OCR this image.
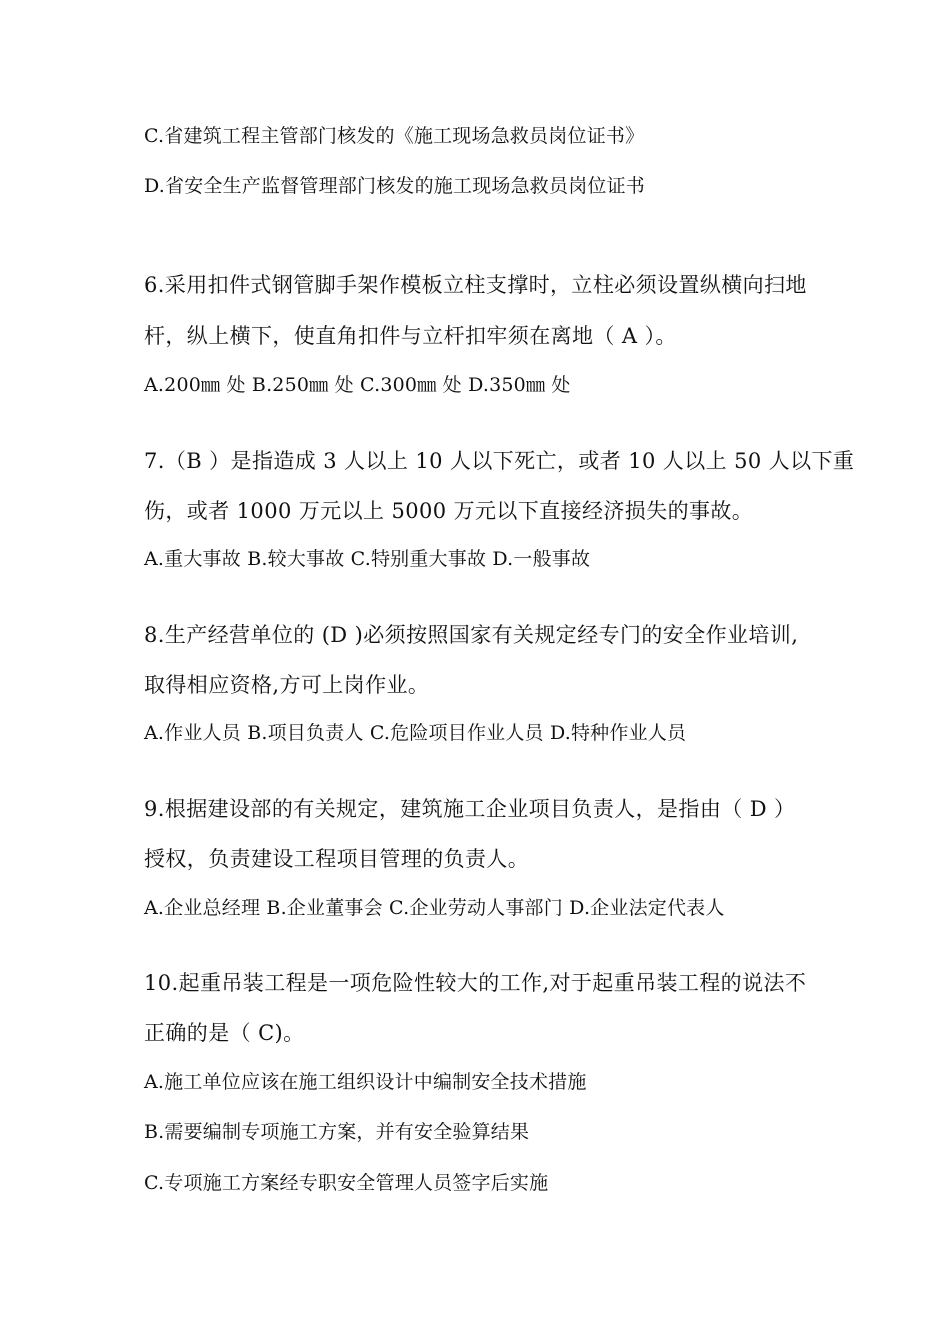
C.省建筑工程主管部门核发的《施工现场急救员岗位证书》
D.省安全生产监督管理部门核发的施工现场急救员岗位证书
6.采用扣件式钢管脚手架作模板立柱支撑时，立柱必须设置纵横向扫地
杆，纵上横下，使直角扣件与立杆扣牢须在离地（ A ）。
A.200㎜ 处 B.250㎜ 处 C.300㎜ 处 D.350㎜ 处
7.（B ）是指造成 3 人以上 10 人以下死亡，或者 10 人以上 50 人以下重
伤，或者 1000 万元以上 5000 万元以下直接经济损失的事故。
A.重大事故 B.较大事故 C.特别重大事故 D.一般事故
8.生产经营单位的 (D )必须按照国家有关规定经专门的安全作业培训,
取得相应资格,方可上岗作业。
A.作业人员 B.项目负责人 C.危险项目作业人员 D.特种作业人员
9.根据建设部的有关规定，建筑施工企业项目负责人，是指由（ D ）
授权，负责建设工程项目管理的负责人。
A.企业总经理 B.企业董事会 C.企业劳动人事部门 D.企业法定代表人
10.起重吊装工程是一项危险性较大的工作,对于起重吊装工程的说法不
正确的是（ C)。
A.施工单位应该在施工组织设计中编制安全技术措施
B.需要编制专项施工方案，并有安全验算结果
C.专项施工方案经专职安全管理人员签字后实施
